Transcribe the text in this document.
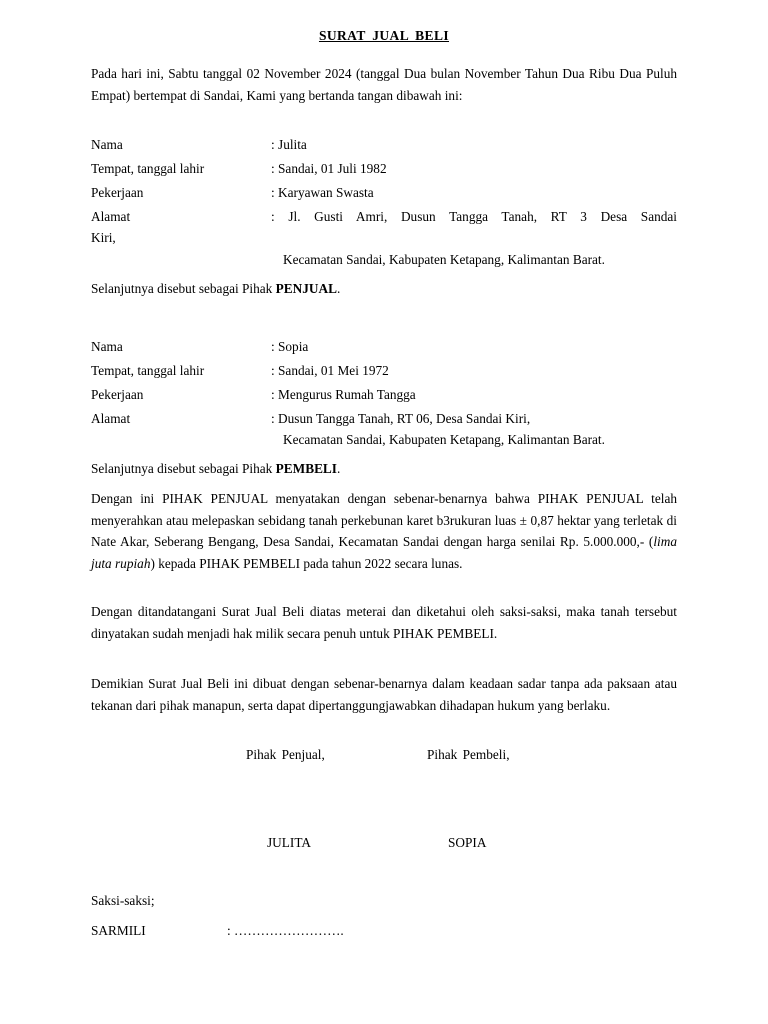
SURAT JUAL BELI

Pada hari ini, Sabtu tanggal 02 November 2024 (tanggal Dua bulan November Tahun Dua Ribu Dua Puluh Empat) bertempat di Sandai, Kami yang bertanda tangan dibawah ini:

Nama	: Julita
Tempat, tanggal lahir	: Sandai, 01 Juli 1982
Pekerjaan	: Karyawan Swasta
Alamat	: Jl. Gusti Amri, Dusun Tangga Tanah, RT 3 Desa Sandai
Kiri,
Kecamatan Sandai, Kabupaten Ketapang, Kalimantan Barat.
Selanjutnya disebut sebagai Pihak PENJUAL.
Nama	: Sopia
Tempat, tanggal lahir	: Sandai, 01 Mei 1972
Pekerjaan	: Mengurus Rumah Tangga
Alamat	: Dusun Tangga Tanah, RT 06, Desa Sandai Kiri,
Kecamatan Sandai, Kabupaten Ketapang, Kalimantan Barat.
Selanjutnya disebut sebagai Pihak PEMBELI.

Dengan ini PIHAK PENJUAL menyatakan dengan sebenar-benarnya bahwa PIHAK PENJUAL telah menyerahkan atau melepaskan sebidang tanah perkebunan karet b3rukuran luas ± 0,87 hektar yang terletak di Nate Akar, Seberang Bengang, Desa Sandai, Kecamatan Sandai dengan harga senilai Rp. 5.000.000,- (lima juta rupiah) kepada PIHAK PEMBELI pada tahun 2022 secara lunas.

Dengan ditandatangani Surat Jual Beli diatas meterai dan diketahui oleh saksi-saksi, maka tanah tersebut dinyatakan sudah menjadi hak milik secara penuh untuk PIHAK PEMBELI.

Demikian Surat Jual Beli ini dibuat dengan sebenar-benarnya dalam keadaan sadar tanpa ada paksaan atau tekanan dari pihak manapun, serta dapat dipertanggungjawabkan dihadapan hukum yang berlaku.

Pihak Penjual,	Pihak Pembeli,
JULITA	SOPIA
Saksi-saksi;
SARMILI	: …………………….
